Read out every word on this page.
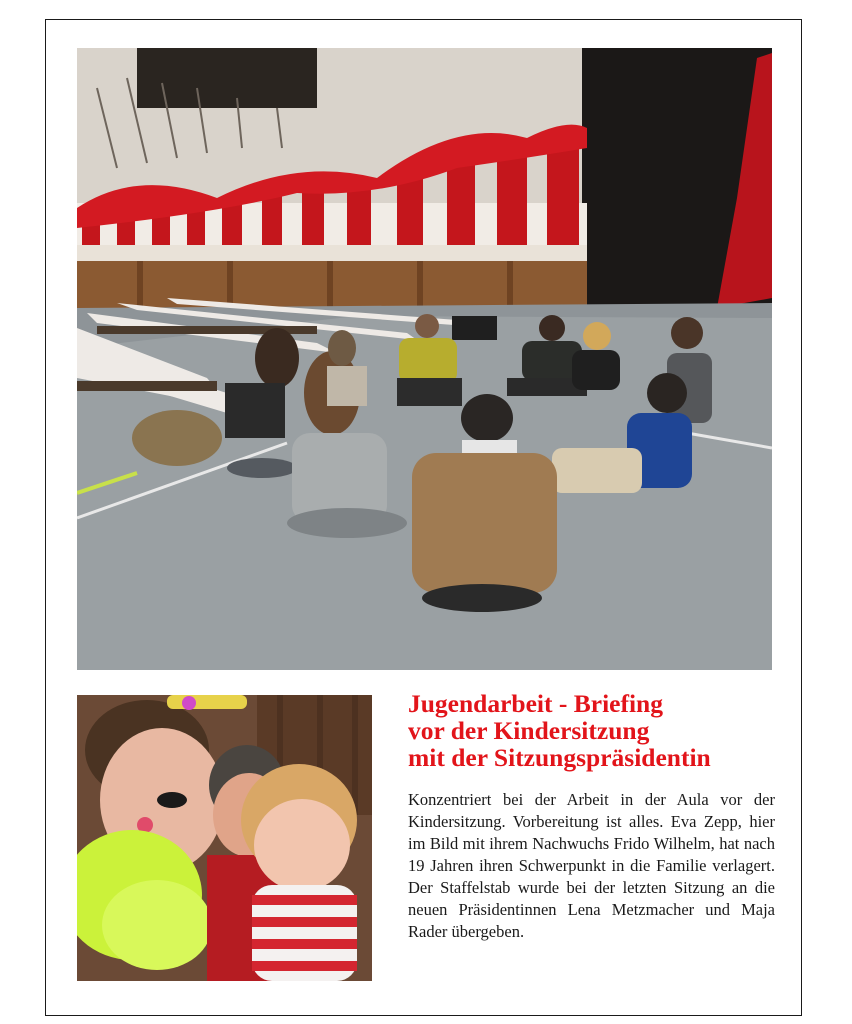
Jugendarbeit - Briefing
vor der Kindersitzung
mit der Sitzungspräsidentin

Konzentriert bei der Arbeit in der Aula vor der Kindersitzung. Vorbereitung ist alles. Eva Zepp, hier im Bild mit ihrem Nachwuchs Frido Wilhelm, hat nach 19 Jahren ihren Schwerpunkt in die Familie verlagert. Der Staffelstab wurde bei der letzten Sitzung an die neuen Präsidentinnen Lena Metzmacher und Maja Rader übergeben.
